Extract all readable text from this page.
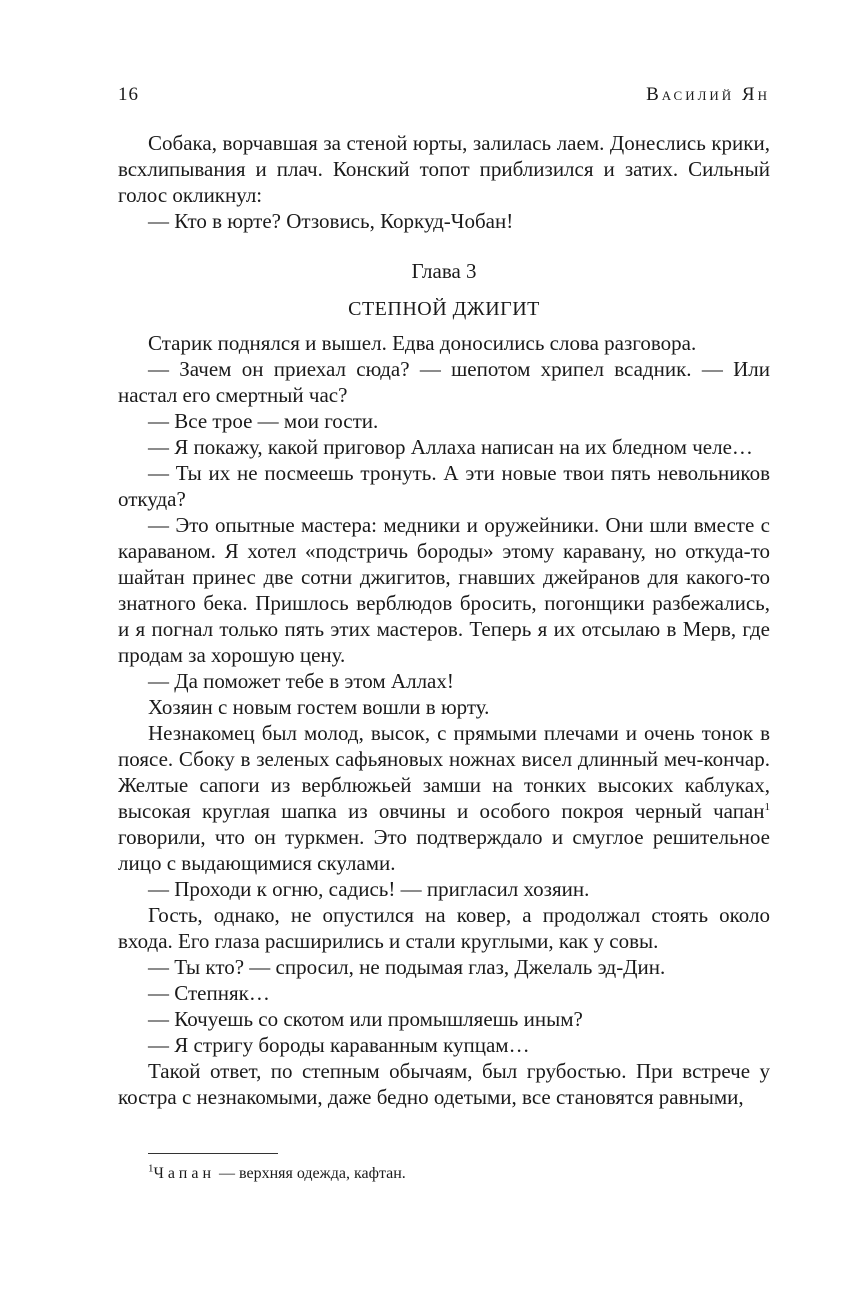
16	Василий Ян

Собака, ворчавшая за стеной юрты, залилась лаем. Донеслись крики, всхлипывания и плач. Конский топот приблизился и затих. Сильный голос окликнул:

— Кто в юрте? Отзовись, Коркуд-Чобан!

Глава 3

СТЕПНОЙ ДЖИГИТ

Старик поднялся и вышел. Едва доносились слова разговора.

— Зачем он приехал сюда? — шепотом хрипел всадник. — Или настал его смертный час?

— Все трое — мои гости.

— Я покажу, какой приговор Аллаха написан на их бледном челе…

— Ты их не посмеешь тронуть. А эти новые твои пять невольников откуда?

— Это опытные мастера: медники и оружейники. Они шли вместе с караваном. Я хотел «подстричь бороды» этому каравану, но откуда-то шайтан принес две сотни джигитов, гнавших джейранов для какого-то знатного бека. Пришлось верблюдов бросить, погонщики разбежались, и я погнал только пять этих мастеров. Теперь я их отсылаю в Мерв, где продам за хорошую цену.

— Да поможет тебе в этом Аллах!

Хозяин с новым гостем вошли в юрту.

Незнакомец был молод, высок, с прямыми плечами и очень тонок в поясе. Сбоку в зеленых сафьяновых ножнах висел длинный меч-кончар. Желтые сапоги из верблюжьей замши на тонких высоких каблуках, высокая круглая шапка из овчины и особого покроя черный чапан$^1$ говорили, что он туркмен. Это подтверждало и смуглое решительное лицо с выдающимися скулами.

— Проходи к огню, садись! — пригласил хозяин.

Гость, однако, не опустился на ковер, а продолжал стоять около входа. Его глаза расширились и стали круглыми, как у совы.

— Ты кто? — спросил, не подымая глаз, Джелаль эд-Дин.

— Степняк…

— Кочуешь со скотом или промышляешь иным?

— Я стригу бороды караванным купцам…

Такой ответ, по степным обычаям, был грубостью. При встрече у костра с незнакомыми, даже бедно одетыми, все становятся равными,

$^1$Чапан — верхняя одежда, кафтан.
